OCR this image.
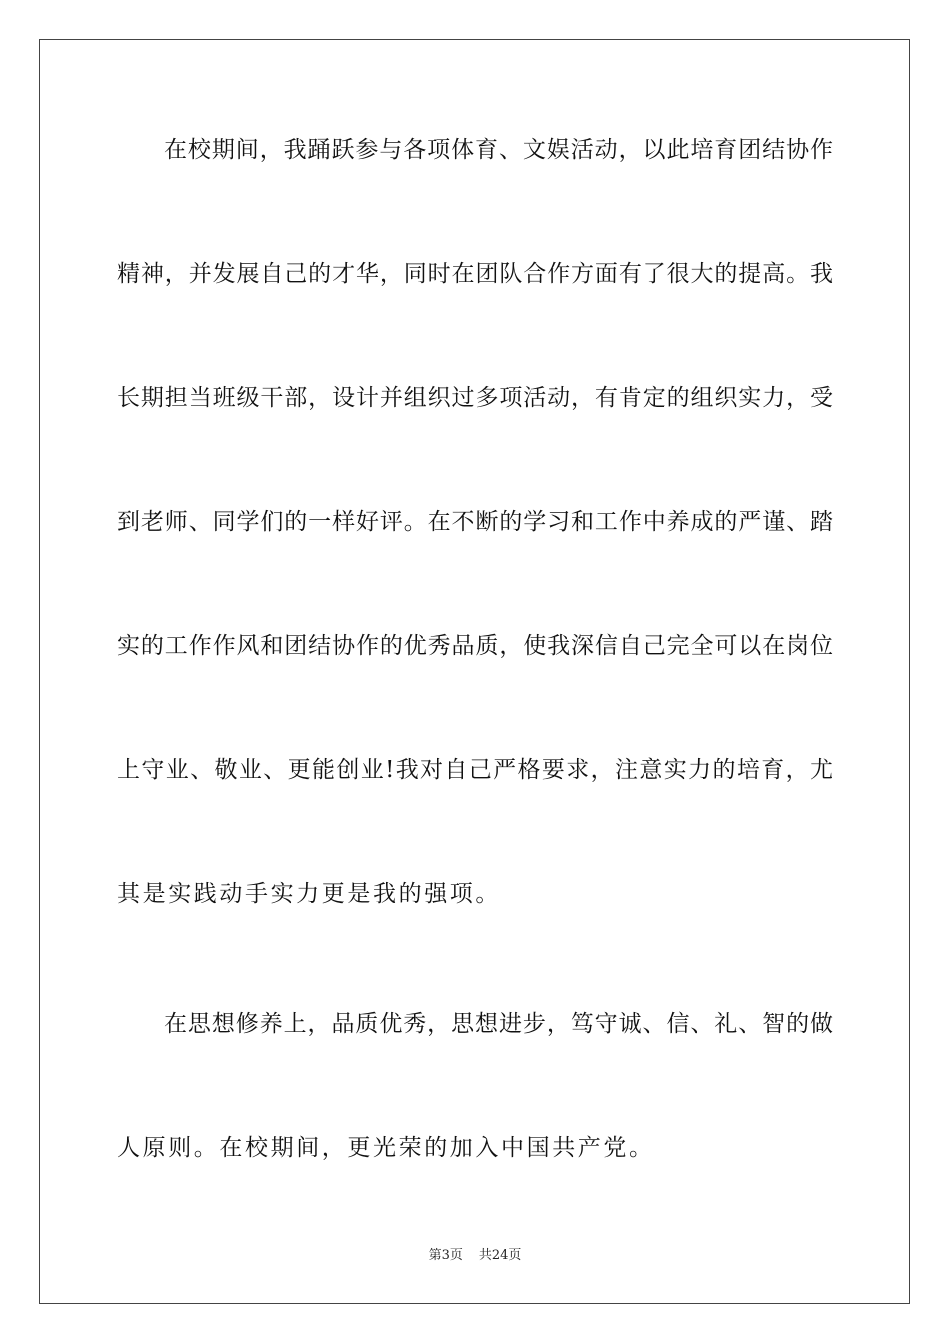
在校期间，我踊跃参与各项体育、文娱活动，以此培育团结协作
精神，并发展自己的才华，同时在团队合作方面有了很大的提高。我
长期担当班级干部，设计并组织过多项活动，有肯定的组织实力，受
到老师、同学们的一样好评。在不断的学习和工作中养成的严谨、踏
实的工作作风和团结协作的优秀品质，使我深信自己完全可以在岗位
上守业、敬业、更能创业!我对自己严格要求，注意实力的培育，尤
其是实践动手实力更是我的强项。
在思想修养上，品质优秀，思想进步，笃守诚、信、礼、智的做
人原则。在校期间，更光荣的加入中国共产党。
第3页 共24页
